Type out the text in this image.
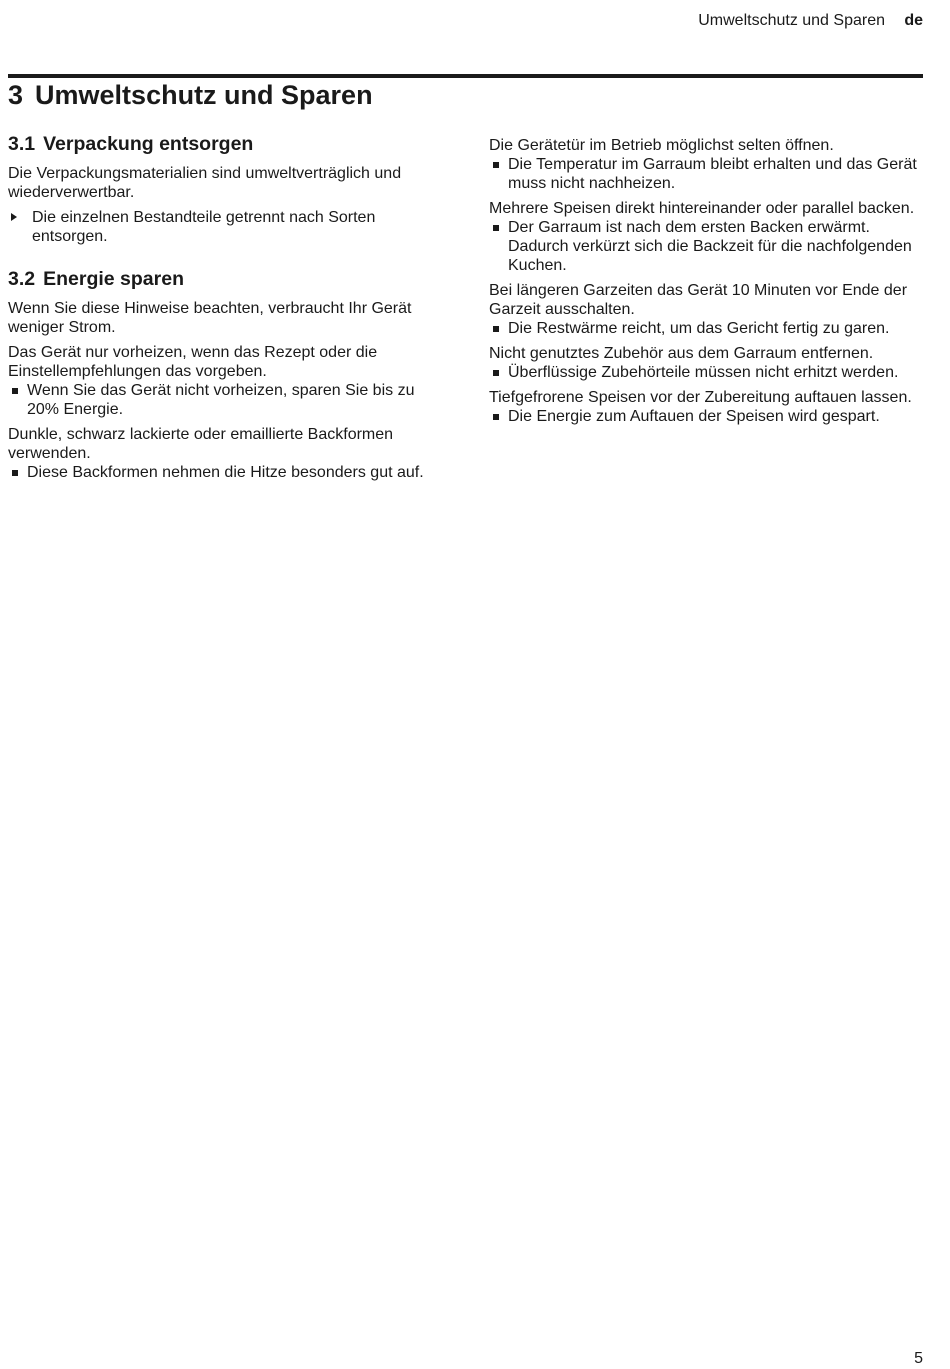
Umweltschutz und Sparen de
3 Umweltschutz und Sparen
3.1 Verpackung entsorgen

Die Verpackungsmaterialien sind umweltverträglich und wiederverwertbar.

Die einzelnen Bestandteile getrennt nach Sorten entsorgen.
3.2 Energie sparen

Wenn Sie diese Hinweise beachten, verbraucht Ihr Gerät weniger Strom.

Das Gerät nur vorheizen, wenn das Rezept oder die Einstellempfehlungen das vorgeben.

Wenn Sie das Gerät nicht vorheizen, sparen Sie bis zu 20% Energie.

Dunkle, schwarz lackierte oder emaillierte Backformen verwenden.

Diese Backformen nehmen die Hitze besonders gut auf.

Die Gerätetür im Betrieb möglichst selten öffnen.

Die Temperatur im Garraum bleibt erhalten und das Gerät muss nicht nachheizen.

Mehrere Speisen direkt hintereinander oder parallel backen.

Der Garraum ist nach dem ersten Backen erwärmt. Dadurch verkürzt sich die Backzeit für die nachfolgenden Kuchen.

Bei längeren Garzeiten das Gerät 10 Minuten vor Ende der Garzeit ausschalten.

Die Restwärme reicht, um das Gericht fertig zu garen.

Nicht genutztes Zubehör aus dem Garraum entfernen.

Überflüssige Zubehörteile müssen nicht erhitzt werden.

Tiefgefrorene Speisen vor der Zubereitung auftauen lassen.

Die Energie zum Auftauen der Speisen wird gespart.
5
